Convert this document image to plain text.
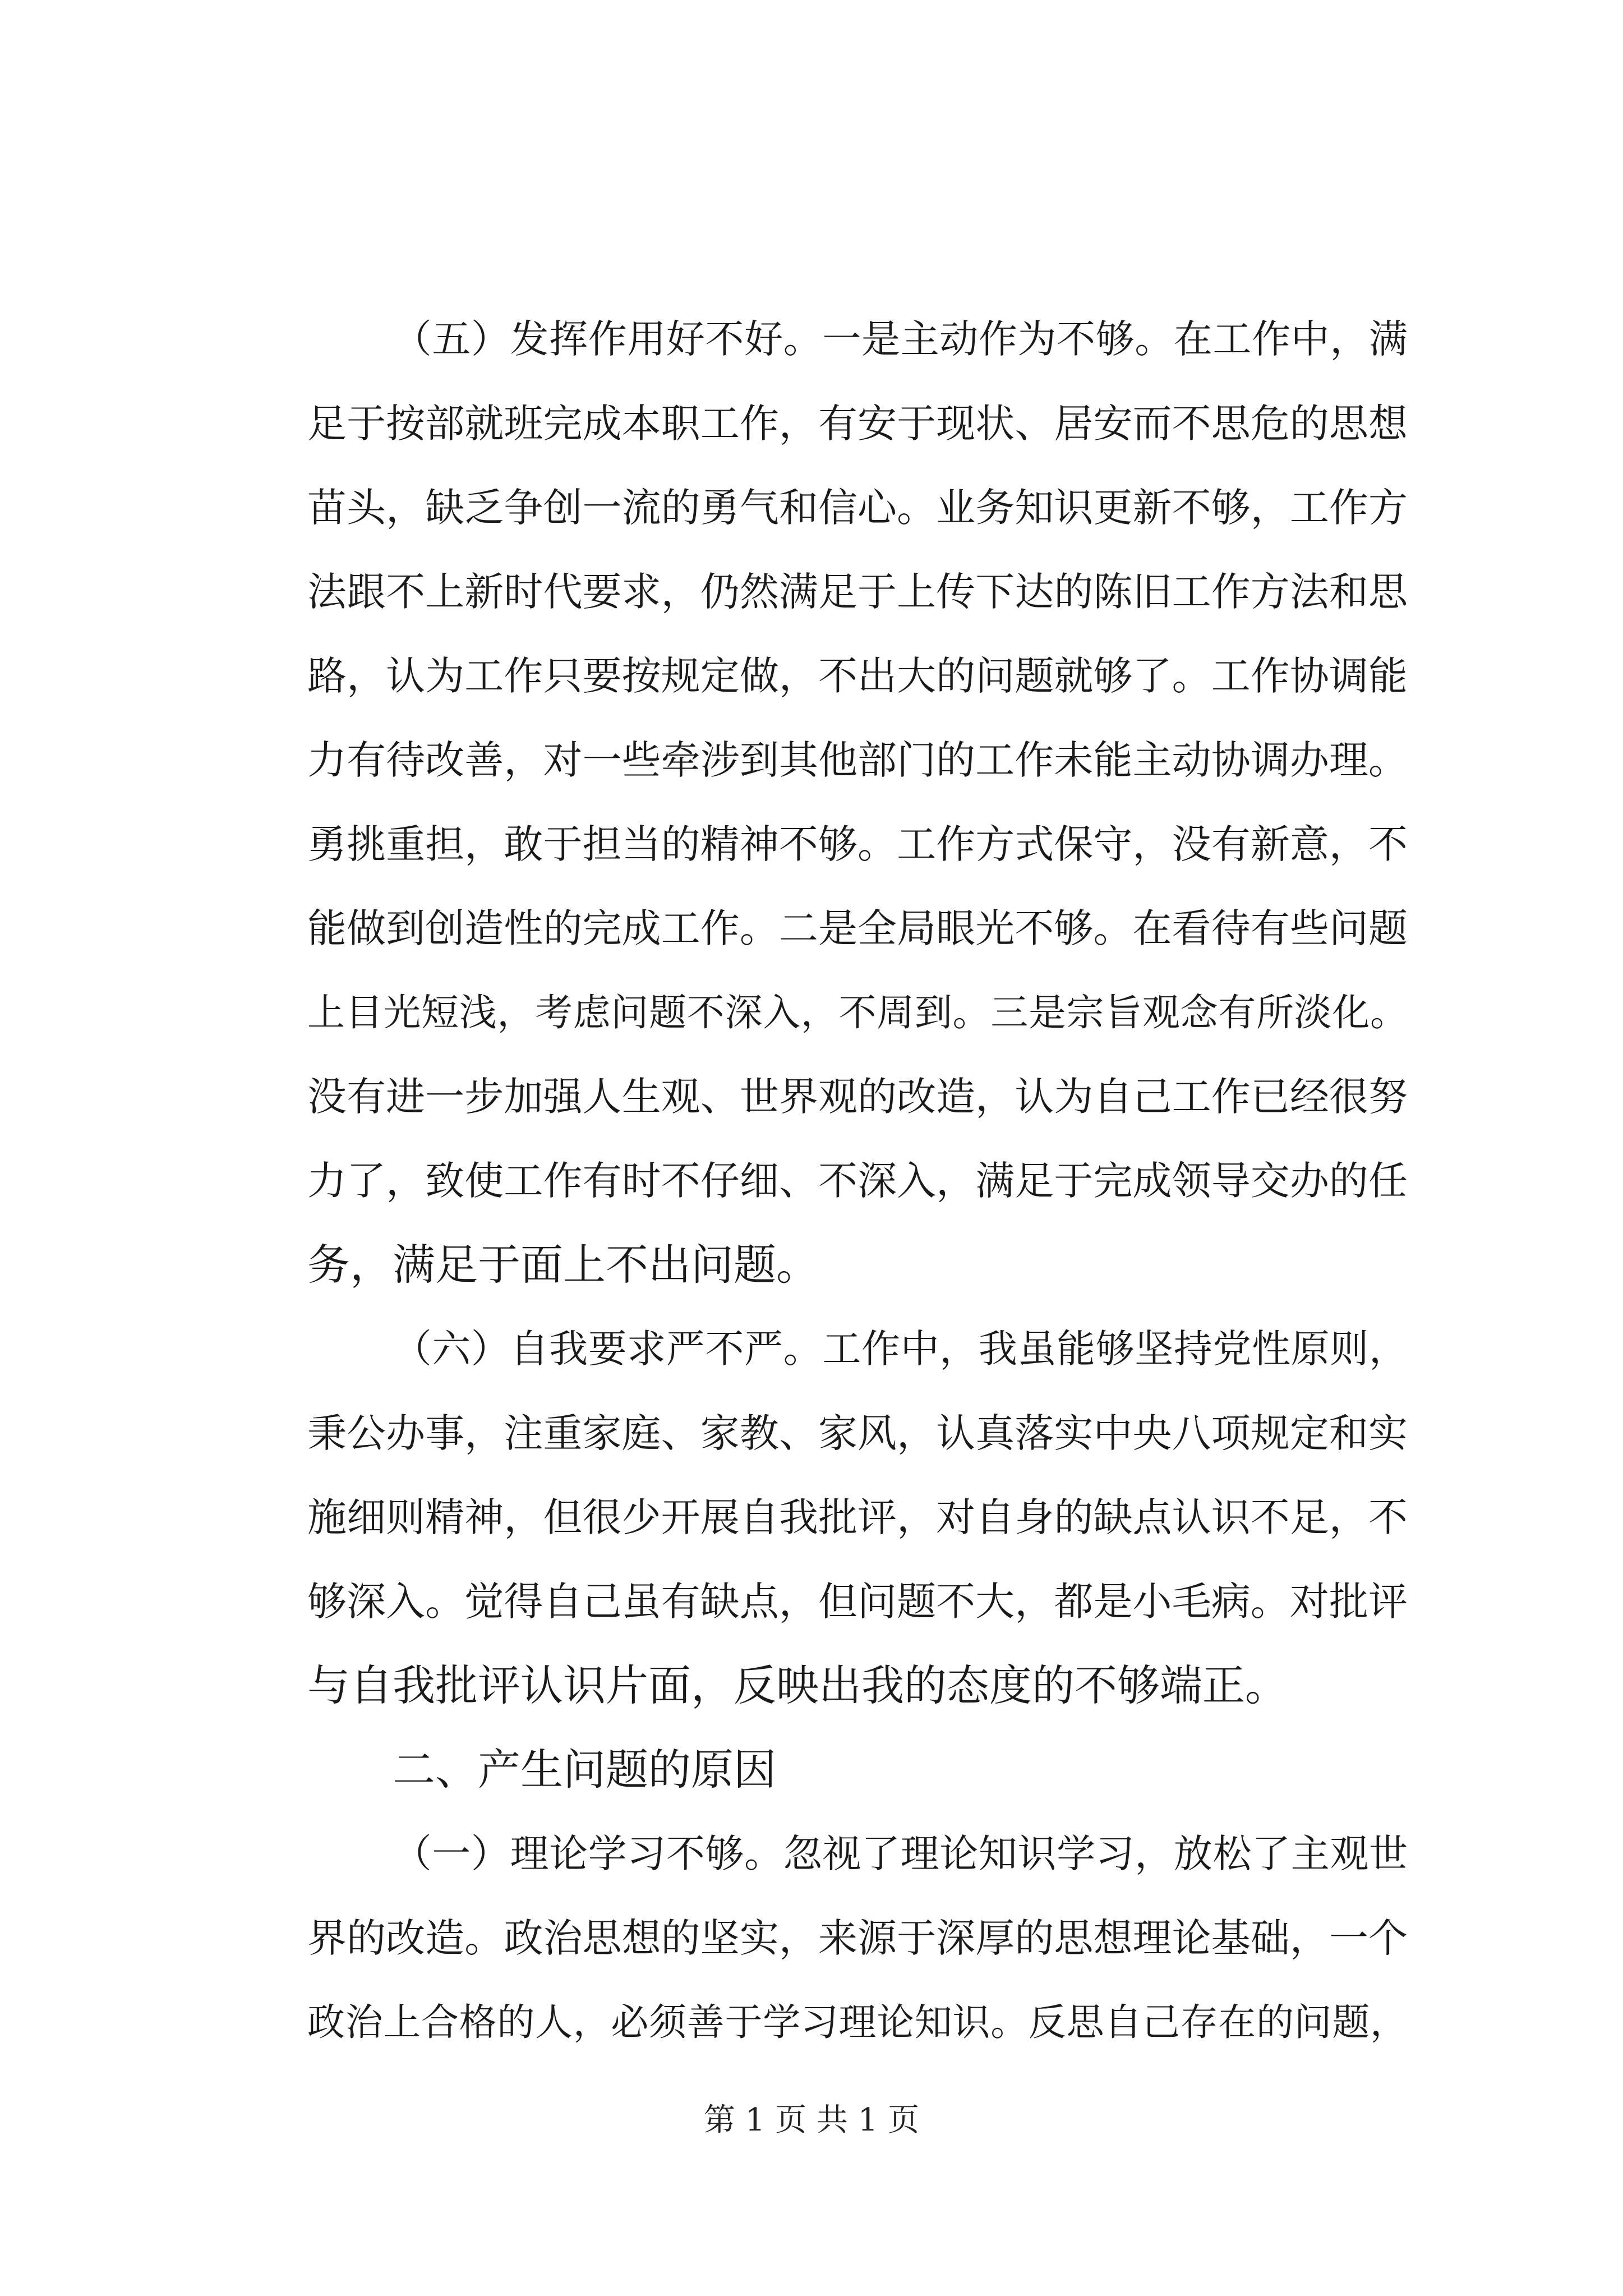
（五）发挥作用好不好。一是主动作为不够。在工作中，满
足于按部就班完成本职工作，有安于现状、居安而不思危的思想
苗头，缺乏争创一流的勇气和信心。业务知识更新不够，工作方
法跟不上新时代要求，仍然满足于上传下达的陈旧工作方法和思
路，认为工作只要按规定做，不出大的问题就够了。工作协调能
力有待改善，对一些牵涉到其他部门的工作未能主动协调办理。
勇挑重担，敢于担当的精神不够。工作方式保守，没有新意，不
能做到创造性的完成工作。二是全局眼光不够。在看待有些问题
上目光短浅，考虑问题不深入，不周到。三是宗旨观念有所淡化。
没有进一步加强人生观、世界观的改造，认为自己工作已经很努
力了，致使工作有时不仔细、不深入，满足于完成领导交办的任
务，满足于面上不出问题。
（六）自我要求严不严。工作中，我虽能够坚持党性原则，
秉公办事，注重家庭、家教、家风，认真落实中央八项规定和实
施细则精神，但很少开展自我批评，对自身的缺点认识不足，不
够深入。觉得自己虽有缺点，但问题不大，都是小毛病。对批评
与自我批评认识片面，反映出我的态度的不够端正。
二、产生问题的原因
（一）理论学习不够。忽视了理论知识学习，放松了主观世
界的改造。政治思想的坚实，来源于深厚的思想理论基础，一个
政治上合格的人，必须善于学习理论知识。反思自己存在的问题，
第 1 页 共 1 页
